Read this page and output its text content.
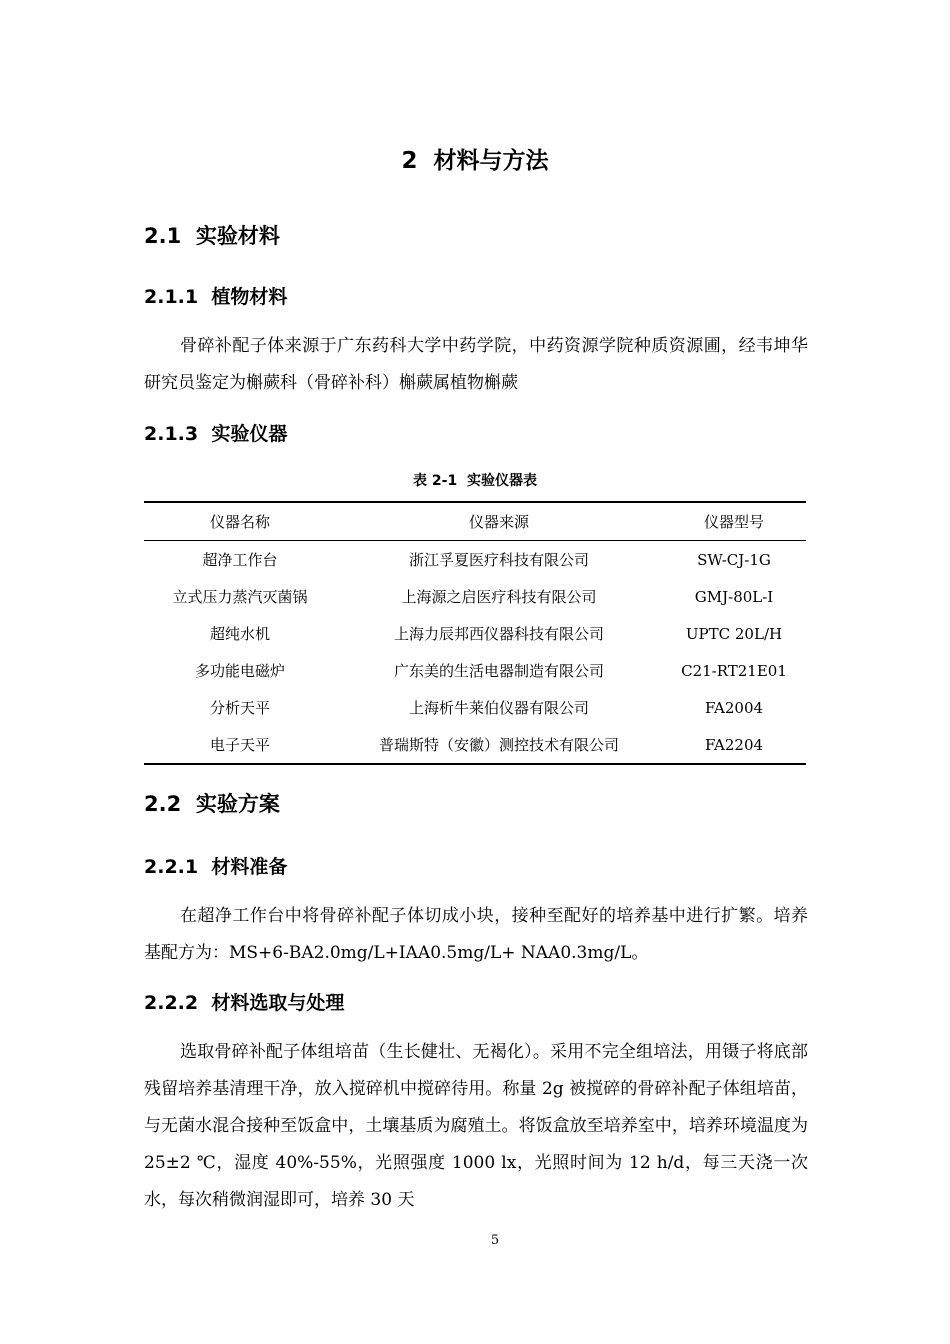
2  材料与方法
2.1  实验材料
2.1.1  植物材料

骨碎补配子体来源于广东药科大学中药学院，中药资源学院种质资源圃，经韦坤华研究员鉴定为槲蕨科（骨碎补科）槲蕨属植物槲蕨

2.1.3  实验仪器
表 2-1  实验仪器表
仪器名称	仪器来源	仪器型号
超净工作台	浙江孚夏医疗科技有限公司	SW-CJ-1G
立式压力蒸汽灭菌锅	上海源之启医疗科技有限公司	GMJ-80L-I
超纯水机	上海力辰邦西仪器科技有限公司	UPTC 20L/H
多功能电磁炉	广东美的生活电器制造有限公司	C21-RT21E01
分析天平	上海析牛莱伯仪器有限公司	FA2004
电子天平	普瑞斯特（安徽）测控技术有限公司	FA2204
2.2  实验方案
2.2.1  材料准备

在超净工作台中将骨碎补配子体切成小块，接种至配好的培养基中进行扩繁。培养基配方为：MS+6-BA2.0mg/L+IAA0.5mg/L+ NAA0.3mg/L。

2.2.2  材料选取与处理

选取骨碎补配子体组培苗（生长健壮、无褐化）。采用不完全组培法，用镊子将底部残留培养基清理干净，放入搅碎机中搅碎待用。称量 2g 被搅碎的骨碎补配子体组培苗，与无菌水混合接种至饭盒中，土壤基质为腐殖土。将饭盒放至培养室中，培养环境温度为 25±2 ℃，湿度 40%-55%，光照强度 1000 lx，光照时间为 12 h/d，每三天浇一次水，每次稍微润湿即可，培养 30 天

5
